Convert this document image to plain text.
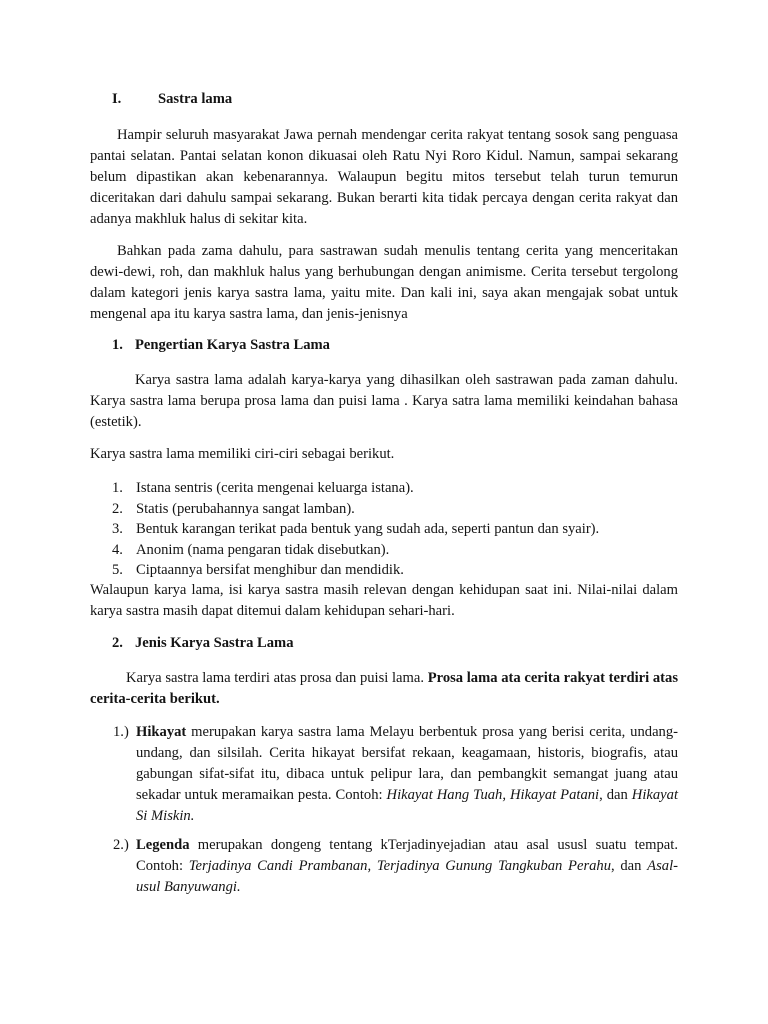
I.	Sastra lama

Hampir seluruh masyarakat Jawa pernah mendengar cerita rakyat tentang sosok sang penguasa pantai selatan. Pantai selatan konon dikuasai oleh Ratu Nyi Roro Kidul. Namun, sampai sekarang belum dipastikan akan kebenarannya. Walaupun begitu mitos tersebut telah turun temurun diceritakan dari dahulu sampai sekarang. Bukan berarti kita tidak percaya dengan cerita rakyat dan adanya makhluk halus di sekitar kita.

Bahkan pada zama dahulu, para sastrawan sudah menulis tentang cerita yang menceritakan dewi-dewi, roh, dan makhluk halus yang berhubungan dengan animisme. Cerita tersebut tergolong dalam kategori jenis karya sastra lama, yaitu mite. Dan kali ini, saya akan mengajak sobat untuk mengenal apa itu karya sastra lama, dan jenis-jenisnya

1. Pengertian Karya Sastra Lama

Karya sastra lama adalah karya-karya yang dihasilkan oleh sastrawan pada zaman dahulu. Karya sastra lama berupa prosa lama dan puisi lama . Karya satra lama memiliki keindahan bahasa (estetik).

Karya sastra lama memiliki ciri-ciri sebagai berikut.

1. Istana sentris (cerita mengenai keluarga istana).
2. Statis (perubahannya sangat lamban).
3. Bentuk karangan terikat pada bentuk yang sudah ada, seperti pantun dan syair).
4. Anonim (nama pengaran tidak disebutkan).
5. Ciptaannya bersifat menghibur dan mendidik.

Walaupun karya lama, isi karya sastra masih relevan dengan kehidupan saat ini. Nilai-nilai dalam karya sastra masih dapat ditemui dalam kehidupan sehari-hari.

2. Jenis Karya Sastra Lama

Karya sastra lama terdiri atas prosa dan puisi lama. Prosa lama ata cerita rakyat terdiri atas cerita-cerita berikut.

1.) Hikayat merupakan karya sastra lama Melayu berbentuk prosa yang berisi cerita, undang-undang, dan silsilah. Cerita hikayat bersifat rekaan, keagamaan, historis, biografis, atau gabungan sifat-sifat itu, dibaca untuk pelipur lara, dan pembangkit semangat juang atau sekadar untuk meramaikan pesta. Contoh: Hikayat Hang Tuah, Hikayat Patani, dan Hikayat Si Miskin.

2.) Legenda merupakan dongeng tentang kTerjadinyejadian atau asal ususl suatu tempat. Contoh: Terjadinya Candi Prambanan, Terjadinya Gunung Tangkuban Perahu, dan Asal-usul Banyuwangi.
